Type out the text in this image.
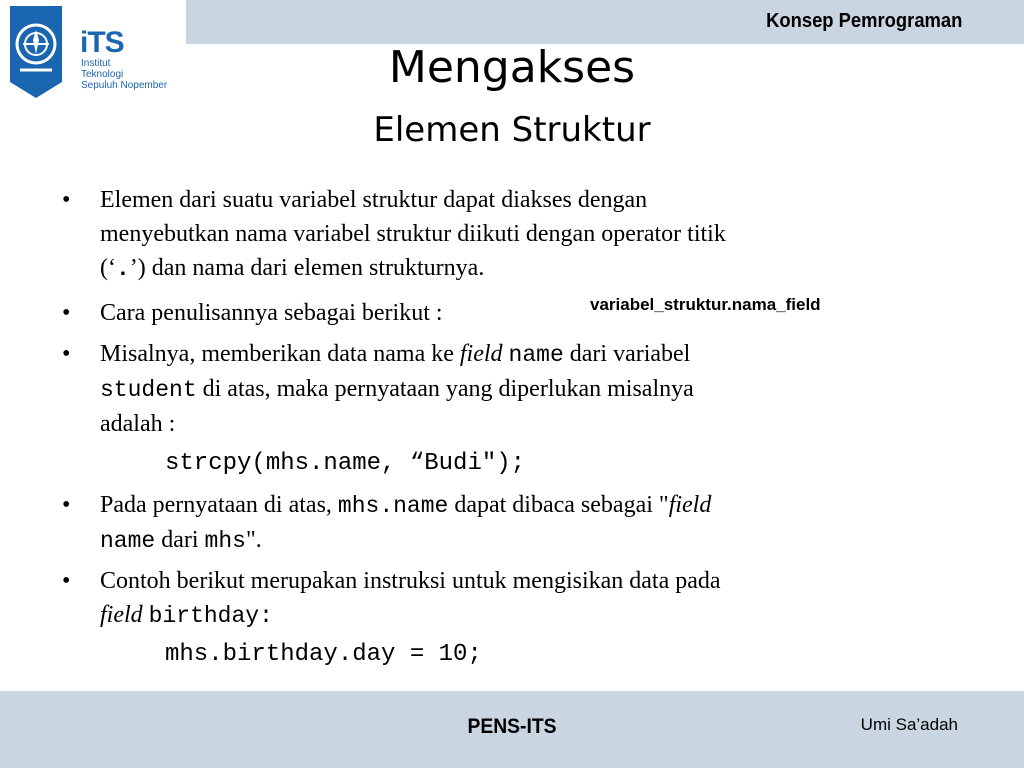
Konsep Pemrograman
iTS
Institut
Teknologi
Sepuluh Nopember	Mengakses
Elemen Struktur
• Elemen dari suatu variabel struktur dapat diakses dengan
menyebutkan nama variabel struktur diikuti dengan operator titik
(‘.’) dan nama dari elemen strukturnya.
• Cara penulisannya sebagai berikut :	variabel_struktur.nama_field
• Misalnya, memberikan data nama ke field name dari variabel
student di atas, maka pernyataan yang diperlukan misalnya
adalah :
strcpy(mhs.name, “Budi");
• Pada pernyataan di atas, mhs.name dapat dibaca sebagai "field
name dari mhs".
• Contoh berikut merupakan instruksi untuk mengisikan data pada
field birthday:
mhs.birthday.day = 10;
PENS-ITS	Umi Sa’adah
